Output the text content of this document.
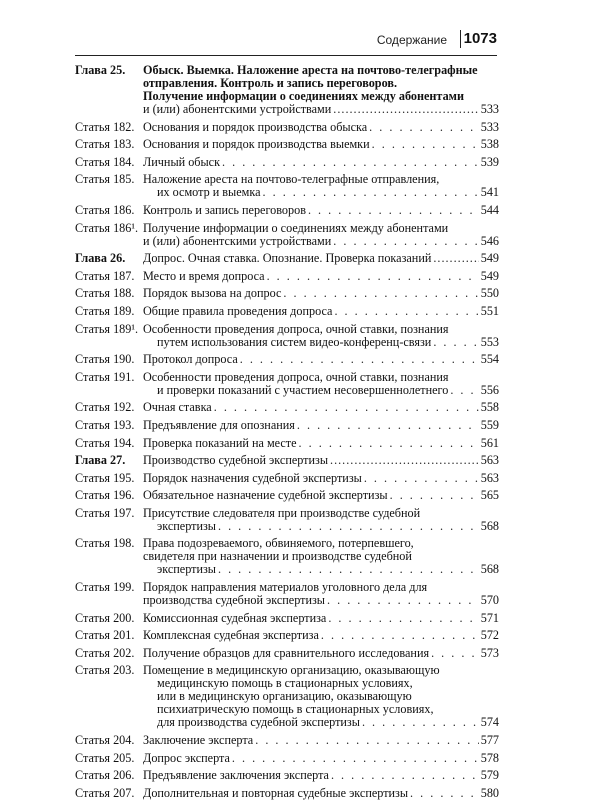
Содержание 1073
Глава 25.	Обыск. Выемка. Наложение ареста на почтово-телеграфные
отправления. Контроль и запись переговоров.
Получение информации о соединениях между абонентами
и (или) абонентскими устройствами .....	533
Статья 182. Основания и порядок производства обыска . . .	533
Статья 183. Основания и порядок производства выемки . . .	538
Статья 184. Личный обыск . . .	539
Статья 185. Наложение ареста на почтово-телеграфные отправления,
их осмотр и выемка . . .	541
Статья 186. Контроль и запись переговоров . . .	544
Статья 186¹. Получение информации о соединениях между абонентами
и (или) абонентскими устройствами . . .	546
Глава 26.	Допрос. Очная ставка. Опознание. Проверка показаний .....	549
Статья 187. Место и время допроса . . .	549
Статья 188. Порядок вызова на допрос . . .	550
Статья 189. Общие правила проведения допроса . . .	551
Статья 189¹. Особенности проведения допроса, очной ставки, познания
путем использования систем видео-конференц-связи . . .	553
Статья 190. Протокол допроса . . .	554
Статья 191. Особенности проведения допроса, очной ставки, познания
и проверки показаний с участием несовершеннолетнего . . .	556
Статья 192. Очная ставка . . .	558
Статья 193. Предъявление для опознания . . .	559
Статья 194. Проверка показаний на месте . . .	561
Глава 27.	Производство судебной экспертизы .....	563
Статья 195. Порядок назначения судебной экспертизы . . .	563
Статья 196. Обязательное назначение судебной экспертизы . . .	565
Статья 197. Присутствие следователя при производстве судебной
экспертизы . . .	568
Статья 198. Права подозреваемого, обвиняемого, потерпевшего,
свидетеля при назначении и производстве судебной
экспертизы . . .	568
Статья 199. Порядок направления материалов уголовного дела для
производства судебной экспертизы . . .	570
Статья 200. Комиссионная судебная экспертиза . . .	571
Статья 201. Комплексная судебная экспертиза . . .	572
Статья 202. Получение образцов для сравнительного исследования . . .	573
Статья 203. Помещение в медицинскую организацию, оказывающую
медицинскую помощь в стационарных условиях,
или в медицинскую организацию, оказывающую
психиатрическую помощь в стационарных условиях,
для производства судебной экспертизы . . .	574
Статья 204. Заключение эксперта . . .	577
Статья 205. Допрос эксперта . . .	578
Статья 206. Предъявление заключения эксперта . . .	579
Статья 207. Дополнительная и повторная судебные экспертизы . . .	580
